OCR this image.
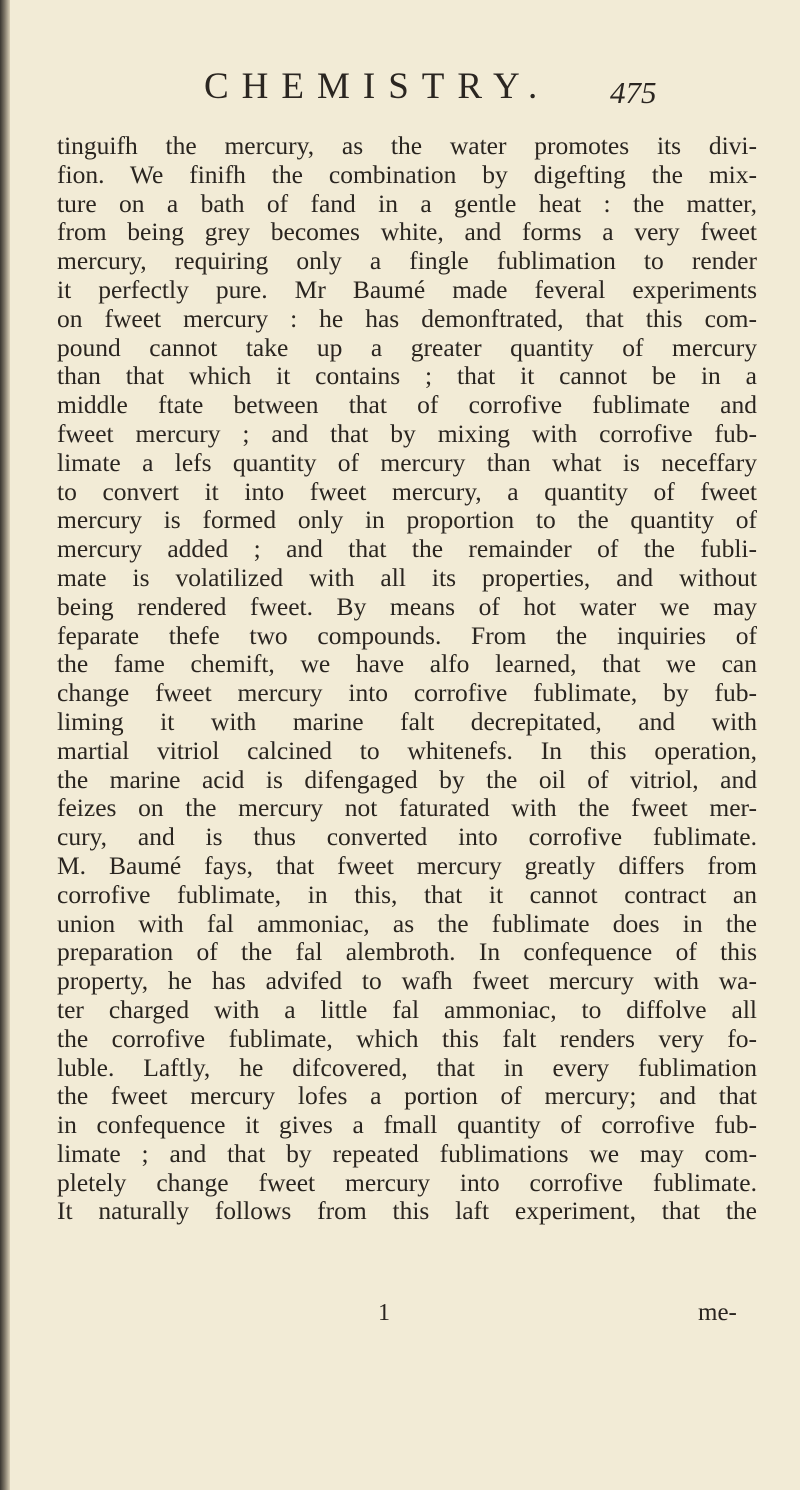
CHEMISTRY. 475
tinguifh the mercury, as the water promotes its divi-
fion. We finifh the combination by digefting the mix-
ture on a bath of fand in a gentle heat : the matter,
from being grey becomes white, and forms a very fweet
mercury, requiring only a fingle fublimation to render
it perfectly pure. Mr Baumé made feveral experiments
on fweet mercury : he has demonftrated, that this com-
pound cannot take up a greater quantity of mercury
than that which it contains ; that it cannot be in a
middle ftate between that of corrofive fublimate and
fweet mercury ; and that by mixing with corrofive fub-
limate a lefs quantity of mercury than what is neceffary
to convert it into fweet mercury, a quantity of fweet
mercury is formed only in proportion to the quantity of
mercury added ; and that the remainder of the fubli-
mate is volatilized with all its properties, and without
being rendered fweet. By means of hot water we may
feparate thefe two compounds. From the inquiries of
the fame chemift, we have alfo learned, that we can
change fweet mercury into corrofive fublimate, by fub-
liming it with marine falt decrepitated, and with
martial vitriol calcined to whitenefs. In this operation,
the marine acid is difengaged by the oil of vitriol, and
feizes on the mercury not faturated with the fweet mer-
cury, and is thus converted into corrofive fublimate.
M. Baumé fays, that fweet mercury greatly differs from
corrofive fublimate, in this, that it cannot contract an
union with fal ammoniac, as the fublimate does in the
preparation of the fal alembroth. In confequence of this
property, he has advifed to wafh fweet mercury with wa-
ter charged with a little fal ammoniac, to diffolve all
the corrofive fublimate, which this falt renders very fo-
luble. Laftly, he difcovered, that in every fublimation
the fweet mercury lofes a portion of mercury; and that
in confequence it gives a fmall quantity of corrofive fub-
limate ; and that by repeated fublimations we may com-
pletely change fweet mercury into corrofive fublimate.
It naturally follows from this laft experiment, that the
1	me-
